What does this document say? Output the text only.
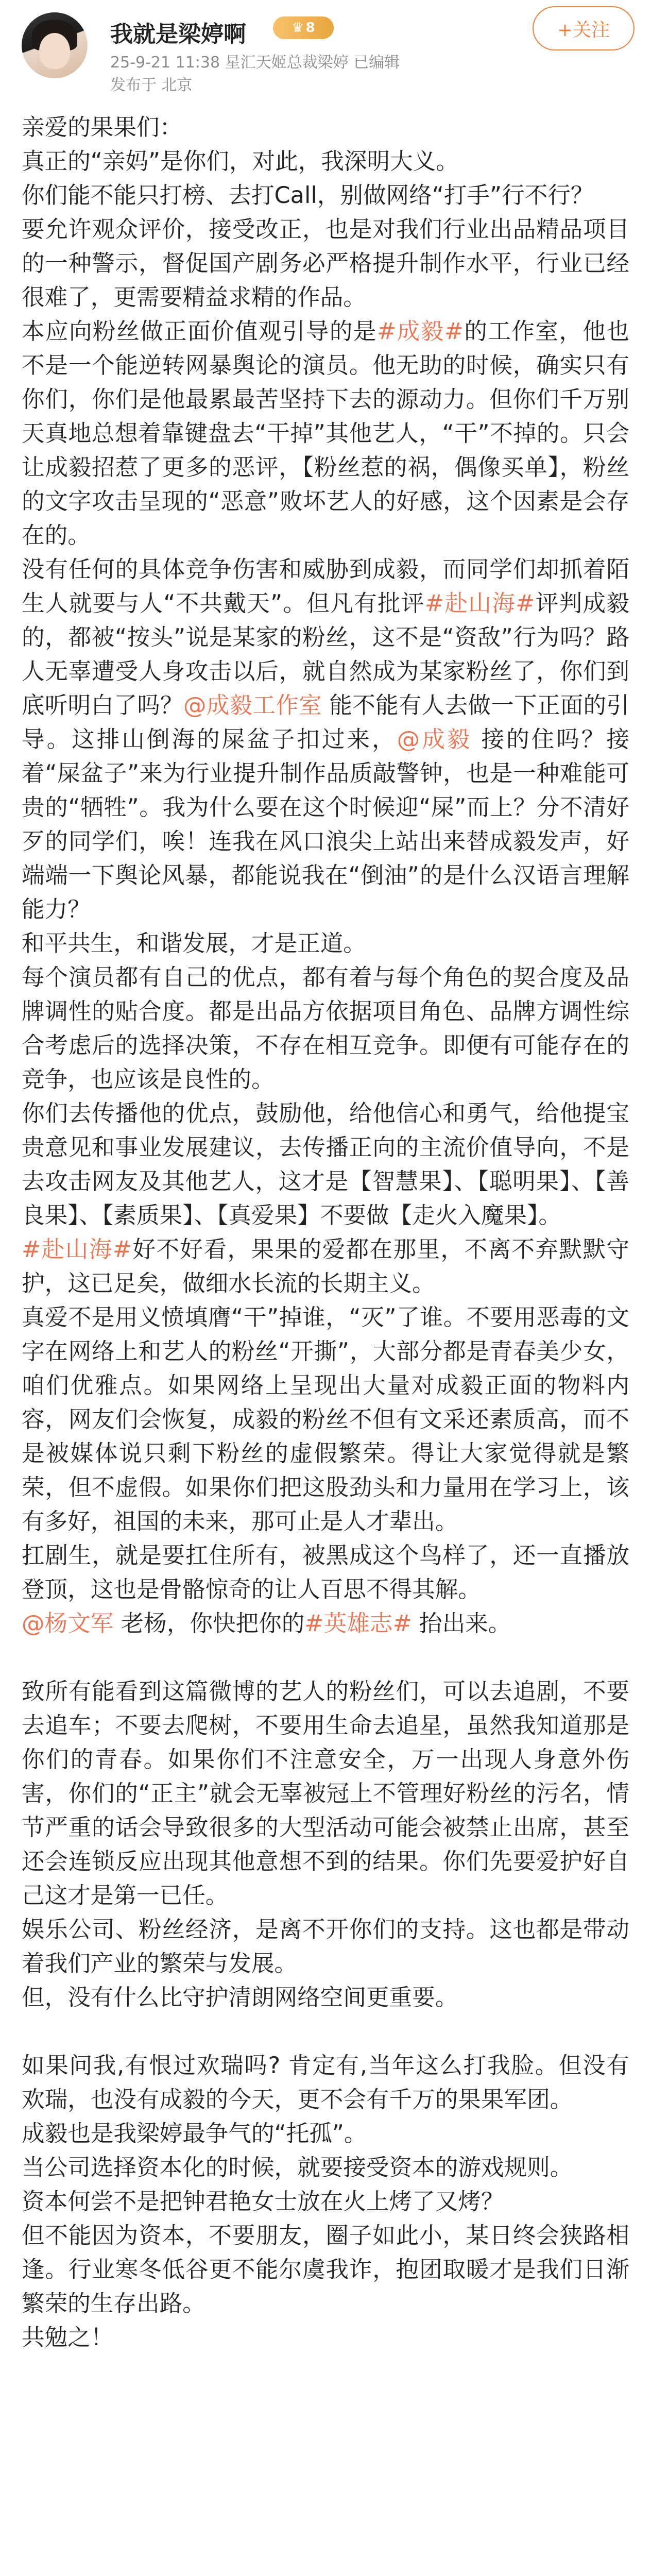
我就是梁婷啊	♛ 8
25-9-21 11:38 星汇天姬总裁梁婷 已编辑
发布于 北京
+关注

亲爱的果果们：

真正的“亲妈”是你们，对此，我深明大义。

你们能不能只打榜、去打Call，别做网络“打手”行不行？

要允许观众评价，接受改正，也是对我们行业出品精品项目的一种警示，督促国产剧务必严格提升制作水平，行业已经很难了，更需要精益求精的作品。

本应向粉丝做正面价值观引导的是#成毅#的工作室，他也不是一个能逆转网暴舆论的演员。他无助的时候，确实只有你们，你们是他最累最苦坚持下去的源动力。但你们千万别天真地总想着靠键盘去“干掉”其他艺人，“干”不掉的。只会让成毅招惹了更多的恶评，【粉丝惹的祸，偶像买单】，粉丝的文字攻击呈现的“恶意”败坏艺人的好感，这个因素是会存在的。

没有任何的具体竞争伤害和威胁到成毅，而同学们却抓着陌生人就要与人“不共戴天”。但凡有批评#赴山海#评判成毅的，都被“按头”说是某家的粉丝，这不是“资敌”行为吗？路人无辜遭受人身攻击以后，就自然成为某家粉丝了，你们到底听明白了吗？@成毅工作室 能不能有人去做一下正面的引导。这排山倒海的屎盆子扣过来，@成毅 接的住吗？接着“屎盆子”来为行业提升制作品质敲警钟，也是一种难能可贵的“牺牲”。我为什么要在这个时候迎“屎”而上？分不清好歹的同学们，唉！连我在风口浪尖上站出来替成毅发声，好端端一下舆论风暴，都能说我在“倒油”的是什么汉语言理解能力？

和平共生，和谐发展，才是正道。

每个演员都有自己的优点，都有着与每个角色的契合度及品牌调性的贴合度。都是出品方依据项目角色、品牌方调性综合考虑后的选择决策，不存在相互竞争。即便有可能存在的竞争，也应该是良性的。

你们去传播他的优点，鼓励他，给他信心和勇气，给他提宝贵意见和事业发展建议，去传播正向的主流价值导向，不是去攻击网友及其他艺人，这才是【智慧果】、【聪明果】、【善良果】、【素质果】、【真爱果】不要做【走火入魔果】。

#赴山海#好不好看，果果的爱都在那里，不离不弃默默守护，这已足矣，做细水长流的长期主义。

真爱不是用义愤填膺“干”掉谁，“灭”了谁。不要用恶毒的文字在网络上和艺人的粉丝“开撕”，大部分都是青春美少女，咱们优雅点。如果网络上呈现出大量对成毅正面的物料内容，网友们会恢复，成毅的粉丝不但有文采还素质高，而不是被媒体说只剩下粉丝的虚假繁荣。得让大家觉得就是繁荣，但不虚假。如果你们把这股劲头和力量用在学习上，该有多好，祖国的未来，那可止是人才辈出。

扛剧生，就是要扛住所有，被黑成这个鸟样了，还一直播放登顶，这也是骨骼惊奇的让人百思不得其解。

@杨文军 老杨，你快把你的#英雄志# 抬出来。

致所有能看到这篇微博的艺人的粉丝们，可以去追剧，不要去追车；不要去爬树，不要用生命去追星，虽然我知道那是你们的青春。如果你们不注意安全，万一出现人身意外伤害，你们的“正主”就会无辜被冠上不管理好粉丝的污名，情节严重的话会导致很多的大型活动可能会被禁止出席，甚至还会连锁反应出现其他意想不到的结果。你们先要爱护好自己这才是第一已任。

娱乐公司、粉丝经济，是离不开你们的支持。这也都是带动着我们产业的繁荣与发展。

但，没有什么比守护清朗网络空间更重要。

如果问我,有恨过欢瑞吗? 肯定有,当年这么打我脸。但没有欢瑞，也没有成毅的今天，更不会有千万的果果军团。

成毅也是我梁婷最争气的“托孤”。

当公司选择资本化的时候，就要接受资本的游戏规则。

资本何尝不是把钟君艳女士放在火上烤了又烤？

但不能因为资本，不要朋友，圈子如此小，某日终会狭路相逢。行业寒冬低谷更不能尔虞我诈，抱团取暖才是我们日渐繁荣的生存出路。

共勉之！
